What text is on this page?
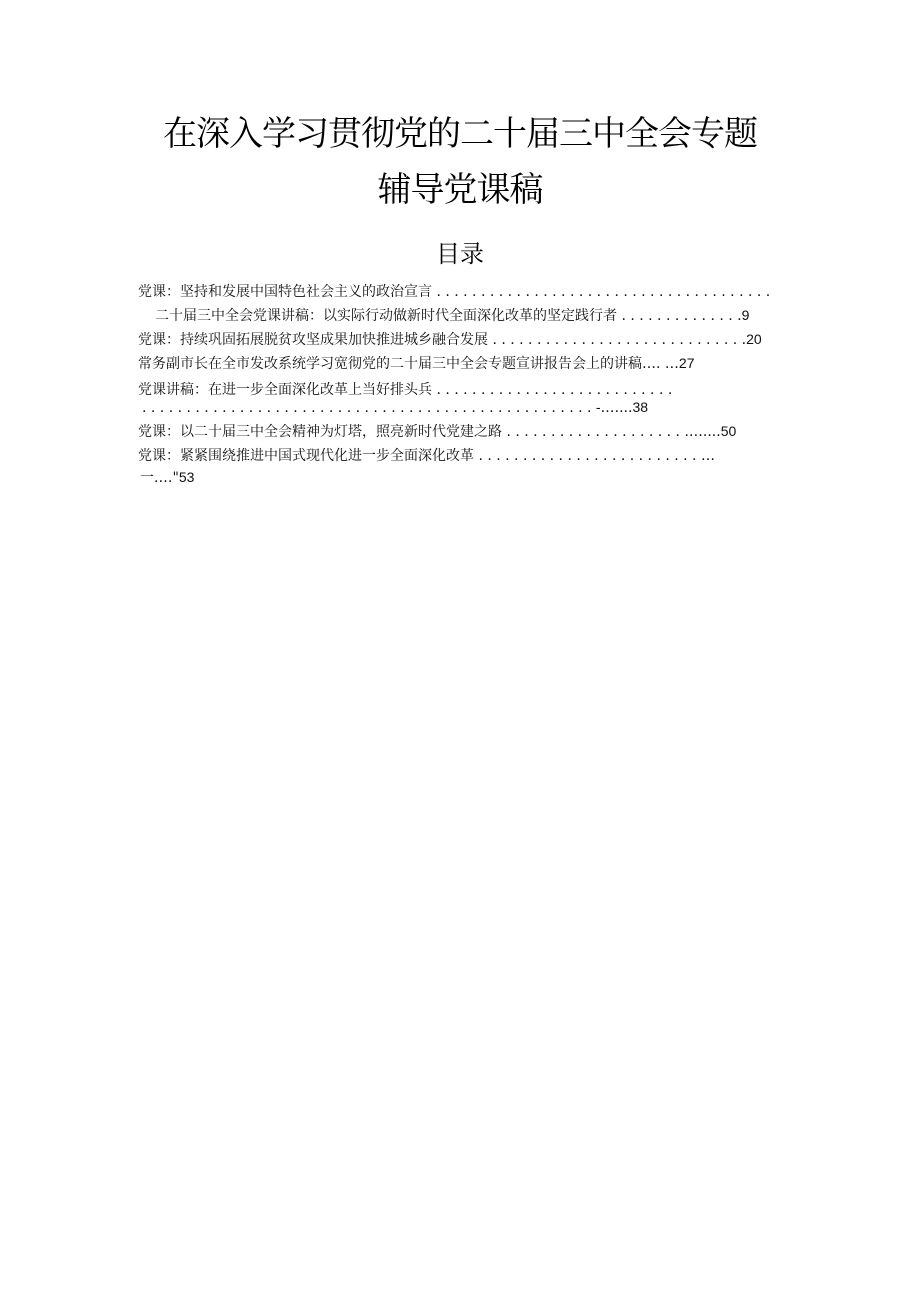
在深入学习贯彻党的二十届三中全会专题
辅导党课稿
目录
党课：坚持和发展中国特色社会主义的政治宣言 . . . . . . . . . . . . . . . . . . . . . . . . . . . . . . . . . . . . . .
二十届三中全会党课讲稿：以实际行动做新时代全面深化改革的坚定践行者 . . . . . . . . . . . . . .9
党课：持续巩固拓展脱贫攻坚成果加快推进城乡融合发展 . . . . . . . . . . . . . . . . . . . . . . . . . . . . .20
常务副市长在全市发改系统学习宽彻党的二十届三中全会专题宣讲报告会上的讲稿…. …27
党课讲稿：在进一步全面深化改革上当好排头兵 . . . . . . . . . . . . . . . . . . . . . . . . . . .
. . . . . . . . . . . . . . . . . . . . . . . . . . . . . . . . . . . . . . . . . . . . . . . . . . . -.…...38
党课：以二十届三中全会精神为灯塔，照亮新时代党建之路 . . . . . . . . . . . . . . . . . . . . .…....50
党课：紧紧围绕推进中国式现代化进一步全面深化改革 . . . . . . . . . . . . . . . . . . . . . . . . . …
一.…"53
